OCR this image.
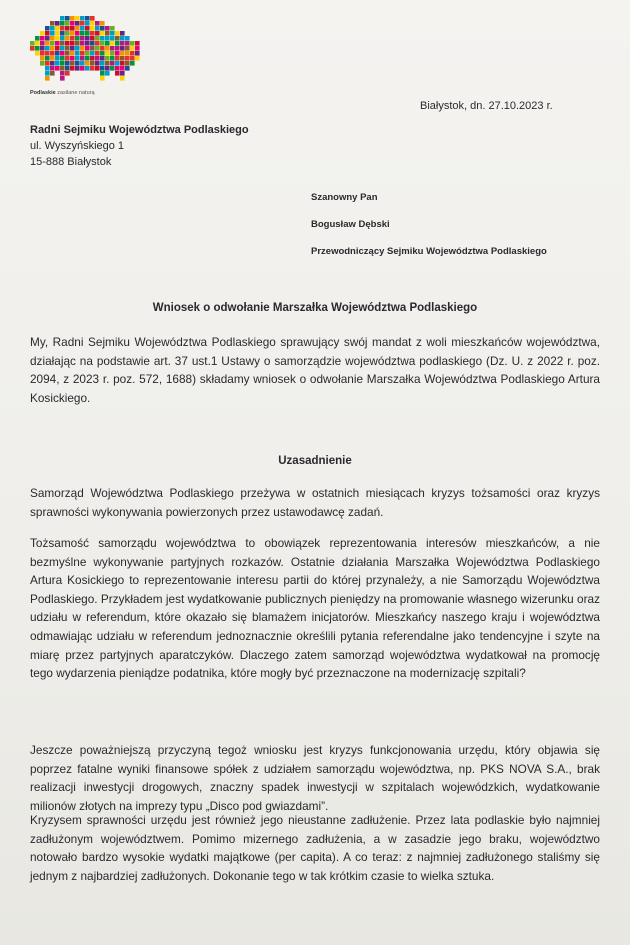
Podlaskie zasilane naturą
Białystok, dn. 27.10.2023 r.
Radni Sejmiku Województwa Podlaskiego
ul. Wyszyńskiego 1
15-888 Białystok
Szanowny Pan
Bogusław Dębski
Przewodniczący Sejmiku Województwa Podlaskiego
Wniosek o odwołanie Marszałka Województwa Podlaskiego

My, Radni Sejmiku Województwa Podlaskiego sprawujący swój mandat z woli mieszkańców województwa, działając na podstawie art. 37 ust.1 Ustawy o samorządzie województwa podlaskiego (Dz. U. z 2022 r. poz. 2094, z 2023 r. poz. 572, 1688) składamy wniosek o odwołanie Marszałka Województwa Podlaskiego Artura Kosickiego.

Uzasadnienie

Samorząd Województwa Podlaskiego przeżywa w ostatnich miesiącach kryzys tożsamości oraz kryzys sprawności wykonywania powierzonych przez ustawodawcę zadań.

Tożsamość samorządu województwa to obowiązek reprezentowania interesów mieszkańców, a nie bezmyślne wykonywanie partyjnych rozkazów. Ostatnie działania Marszałka Województwa Podlaskiego Artura Kosickiego to reprezentowanie interesu partii do której przynależy, a nie Samorządu Województwa Podlaskiego. Przykładem jest wydatkowanie publicznych pieniędzy na promowanie własnego wizerunku oraz udziału w referendum, które okazało się blamażem inicjatorów. Mieszkańcy naszego kraju i województwa odmawiając udziału w referendum jednoznacznie określili pytania referendalne jako tendencyjne i szyte na miarę przez partyjnych aparatczyków. Dlaczego zatem samorząd województwa wydatkował na promocję tego wydarzenia pieniądze podatnika, które mogły być przeznaczone na modernizację szpitali?

Jeszcze poważniejszą przyczyną tegoż wniosku jest kryzys funkcjonowania urzędu, który objawia się poprzez fatalne wyniki finansowe spółek z udziałem samorządu województwa, np. PKS NOVA S.A., brak realizacji inwestycji drogowych, znaczny spadek inwestycji w szpitalach wojewódzkich, wydatkowanie milionów złotych na imprezy typu „Disco pod gwiazdami”.

Kryzysem sprawności urzędu jest również jego nieustanne zadłużenie. Przez lata podlaskie było najmniej zadłużonym województwem. Pomimo mizernego zadłużenia, a w zasadzie jego braku, województwo notowało bardzo wysokie wydatki majątkowe (per capita). A co teraz: z najmniej zadłużonego staliśmy się jednym z najbardziej zadłużonych. Dokonanie tego w tak krótkim czasie to wielka sztuka.
